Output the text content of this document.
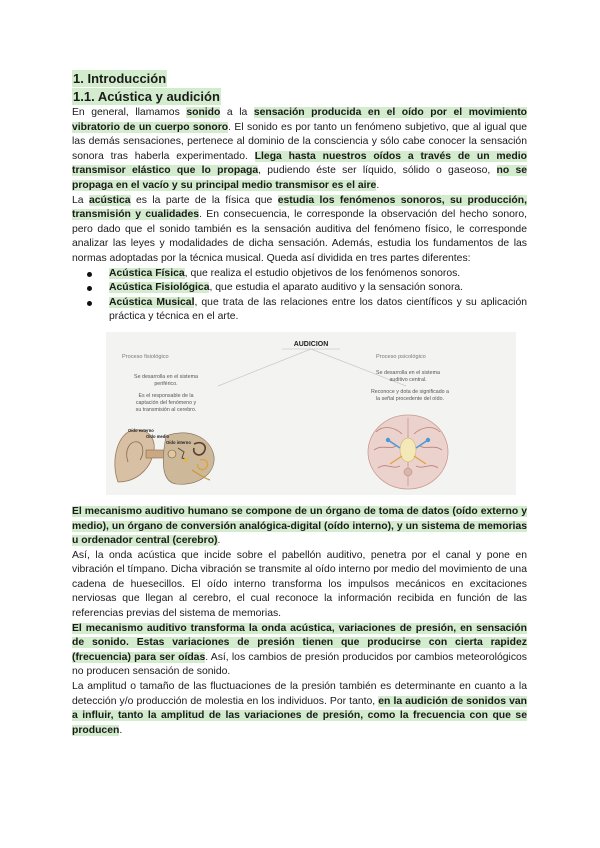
1. Introducción
1.1. Acústica y audición

En general, llamamos sonido a la sensación producida en el oído por el movimiento vibratorio de un cuerpo sonoro. El sonido es por tanto un fenómeno subjetivo, que al igual que las demás sensaciones, pertenece al dominio de la consciencia y sólo cabe conocer la sensación sonora tras haberla experimentado. Llega hasta nuestros oídos a través de un medio transmisor elástico que lo propaga, pudiendo éste ser líquido, sólido o gaseoso, no se propaga en el vacío y su principal medio transmisor es el aire.

La acústica es la parte de la física que estudia los fenómenos sonoros, su producción, transmisión y cualidades. En consecuencia, le corresponde la observación del hecho sonoro, pero dado que el sonido también es la sensación auditiva del fenómeno físico, le corresponde analizar las leyes y modalidades de dicha sensación. Además, estudia los fundamentos de las normas adoptadas por la técnica musical. Queda así dividida en tres partes diferentes:

Acústica Física, que realiza el estudio objetivos de los fenómenos sonoros.
Acústica Fisiológica, que estudia el aparato auditivo y la sensación sonora.
Acústica Musical, que trata de las relaciones entre los datos científicos y su aplicación práctica y técnica en el arte.
AUDICION
Proceso fisiológico
Se desarrolla en el sistema
periférico.
Es el responsable de la
captación del fenómeno y
su transmisión al cerebro.
Oído externo
Oído medio
Oído interno
Proceso psicológico
Se desarrolla en el sistema
auditivo central.
Reconoce y dota de significado a
la señal procedente del oído.

El mecanismo auditivo humano se compone de un órgano de toma de datos (oído externo y medio), un órgano de conversión analógica-digital (oído interno), y un sistema de memorias u ordenador central (cerebro).

Así, la onda acústica que incide sobre el pabellón auditivo, penetra por el canal y pone en vibración el tímpano. Dicha vibración se transmite al oído interno por medio del movimiento de una cadena de huesecillos. El oído interno transforma los impulsos mecánicos en excitaciones nerviosas que llegan al cerebro, el cual reconoce la información recibida en función de las referencias previas del sistema de memorias.

El mecanismo auditivo transforma la onda acústica, variaciones de presión, en sensación de sonido. Estas variaciones de presión tienen que producirse con cierta rapidez (frecuencia) para ser oídas. Así, los cambios de presión producidos por cambios meteorológicos no producen sensación de sonido.

La amplitud o tamaño de las fluctuaciones de la presión también es determinante en cuanto a la detección y/o producción de molestia en los individuos. Por tanto, en la audición de sonidos van a influir, tanto la amplitud de las variaciones de presión, como la frecuencia con que se producen.
